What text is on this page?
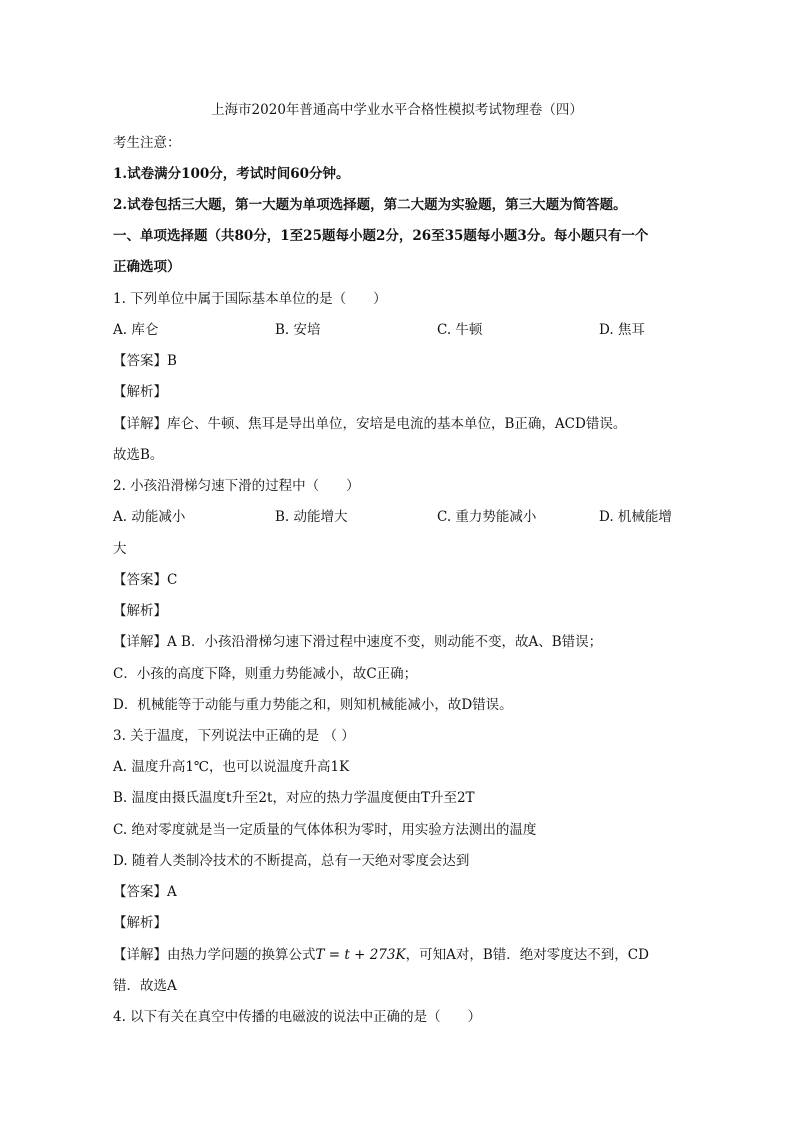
上海市2020年普通高中学业水平合格性模拟考试物理卷（四）
考生注意：
1.试卷满分100分，考试时间60分钟。
2.试卷包括三大题，第一大题为单项选择题，第二大题为实验题，第三大题为简答题。
一、单项选择题（共80分，1至25题每小题2分，26至35题每小题3分。每小题只有一个
正确选项）
1. 下列单位中属于国际基本单位的是（　　）
A. 库仑	B. 安培	C. 牛顿	D. 焦耳
【答案】B
【解析】
【详解】库仑、牛顿、焦耳是导出单位，安培是电流的基本单位，B正确，ACD错误。
故选B。
2. 小孩沿滑梯匀速下滑的过程中（　　）
A. 动能减小	B. 动能增大	C. 重力势能减小	D. 机械能增
大
【答案】C
【解析】
【详解】A B．小孩沿滑梯匀速下滑过程中速度不变，则动能不变，故A、B错误；
C．小孩的高度下降，则重力势能减小，故C正确；
D．机械能等于动能与重力势能之和，则知机械能减小，故D错误。
3. 关于温度，下列说法中正确的是 （ ）
A. 温度升高1℃，也可以说温度升高1K
B. 温度由摄氏温度t升至2t，对应的热力学温度便由T升至2T
C. 绝对零度就是当一定质量的气体体积为零时，用实验方法测出的温度
D. 随着人类制冷技术的不断提高，总有一天绝对零度会达到
【答案】A
【解析】
【详解】由热力学问题的换算公式T = t + 273K，可知A对，B错．绝对零度达不到，CD
错．故选A
4. 以下有关在真空中传播的电磁波的说法中正确的是（　　）
